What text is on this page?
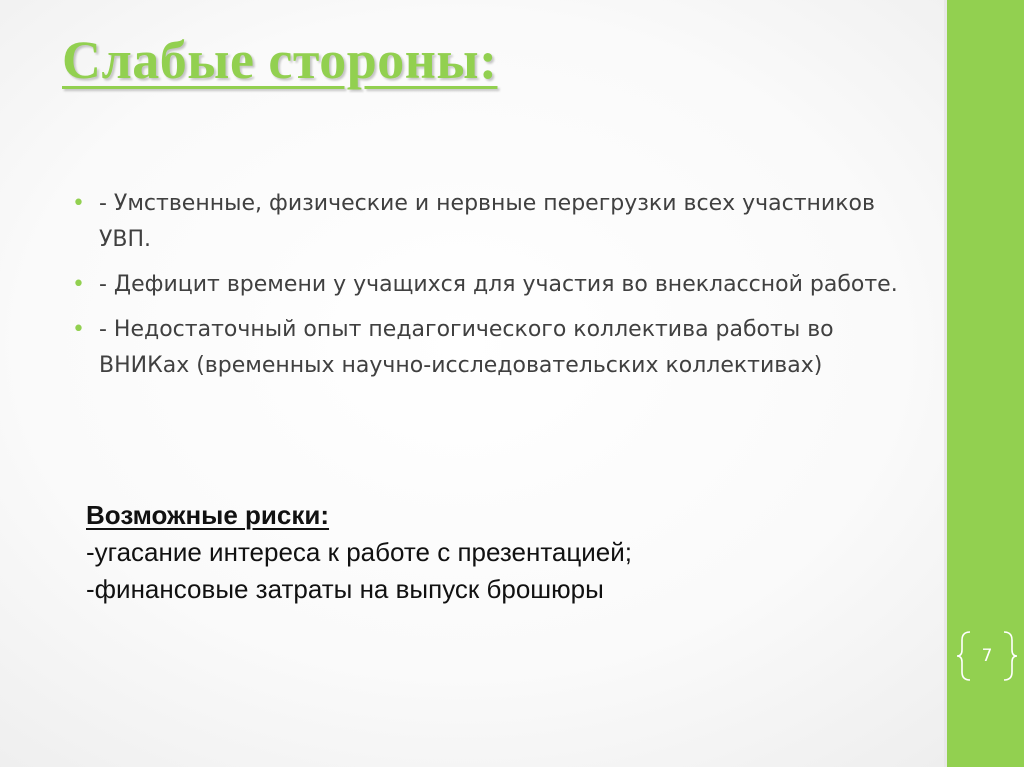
Слабые стороны:
• - Умственные, физические и нервные перегрузки всех участников УВП.
• - Дефицит времени у учащихся для участия во внеклассной работе.
• - Недостаточный опыт педагогического коллектива работы во ВНИКах (временных научно-исследовательских коллективах)
Возможные риски:
-угасание интереса к работе с презентацией;
-финансовые затраты на выпуск брошюры
7
